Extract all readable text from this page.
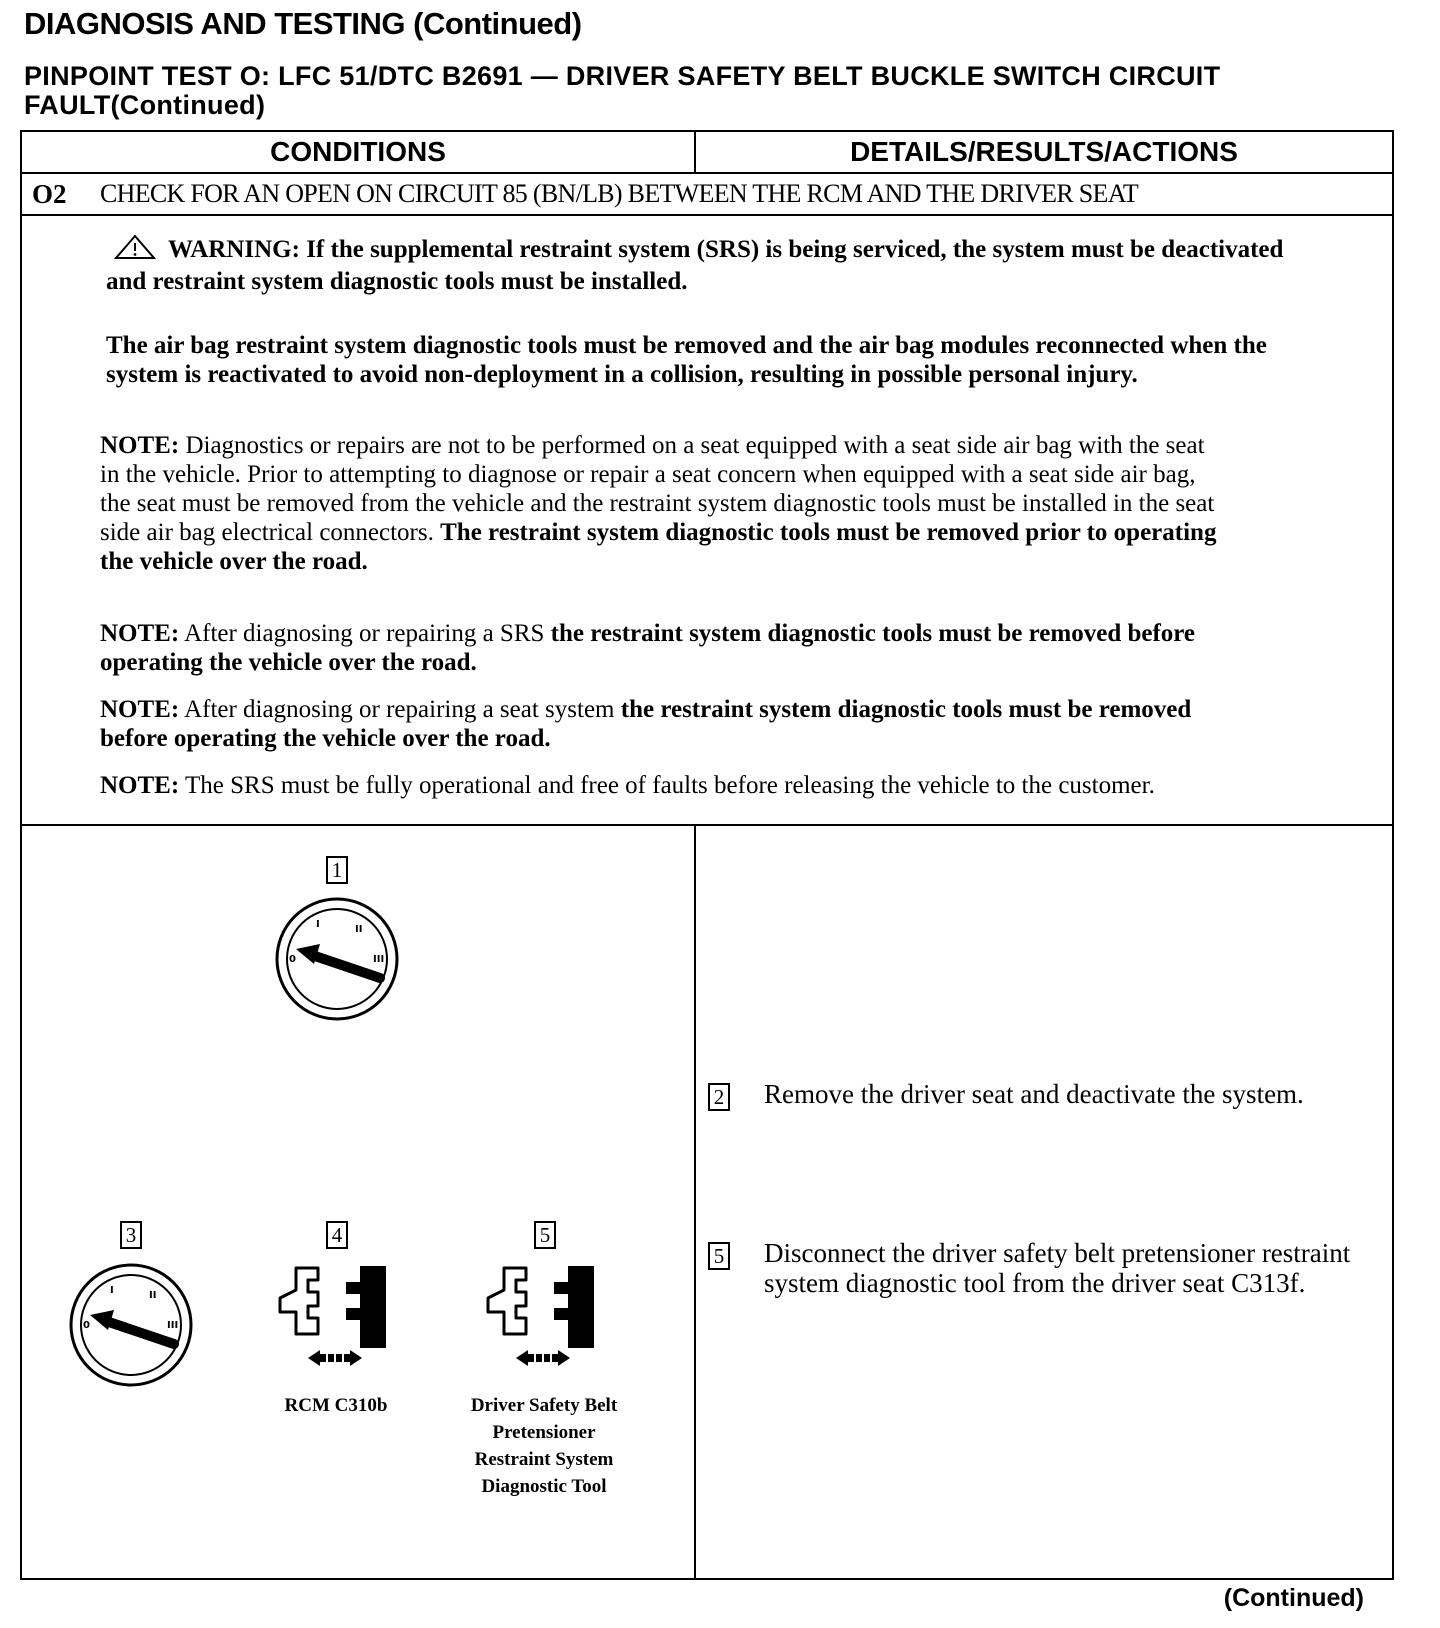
DIAGNOSIS AND TESTING (Continued)
PINPOINT TEST O: LFC 51/DTC B2691 — DRIVER SAFETY BELT BUCKLE SWITCH CIRCUIT FAULT(Continued)
CONDITIONS	DETAILS/RESULTS/ACTIONS
O2 CHECK FOR AN OPEN ON CIRCUIT 85 (BN/LB) BETWEEN THE RCM AND THE DRIVER SEAT
WARNING: If the supplemental restraint system (SRS) is being serviced, the system must be deactivated and restraint system diagnostic tools must be installed.
The air bag restraint system diagnostic tools must be removed and the air bag modules reconnected when the system is reactivated to avoid non-deployment in a collision, resulting in possible personal injury.
NOTE: Diagnostics or repairs are not to be performed on a seat equipped with a seat side air bag with the seat in the vehicle. Prior to attempting to diagnose or repair a seat concern when equipped with a seat side air bag, the seat must be removed from the vehicle and the restraint system diagnostic tools must be installed in the seat side air bag electrical connectors. The restraint system diagnostic tools must be removed prior to operating the vehicle over the road.
NOTE: After diagnosing or repairing a SRS the restraint system diagnostic tools must be removed before operating the vehicle over the road.
NOTE: After diagnosing or repairing a seat system the restraint system diagnostic tools must be removed before operating the vehicle over the road.
NOTE: The SRS must be fully operational and free of faults before releasing the vehicle to the customer.
1
0
I	II
III
3
0
I	II
III
4
RCM C310b
5
Driver Safety Belt
Pretensioner
Restraint System
Diagnostic Tool
2 Remove the driver seat and deactivate the system.
5 Disconnect the driver safety belt pretensioner restraint system diagnostic tool from the driver seat C313f.
(Continued)
